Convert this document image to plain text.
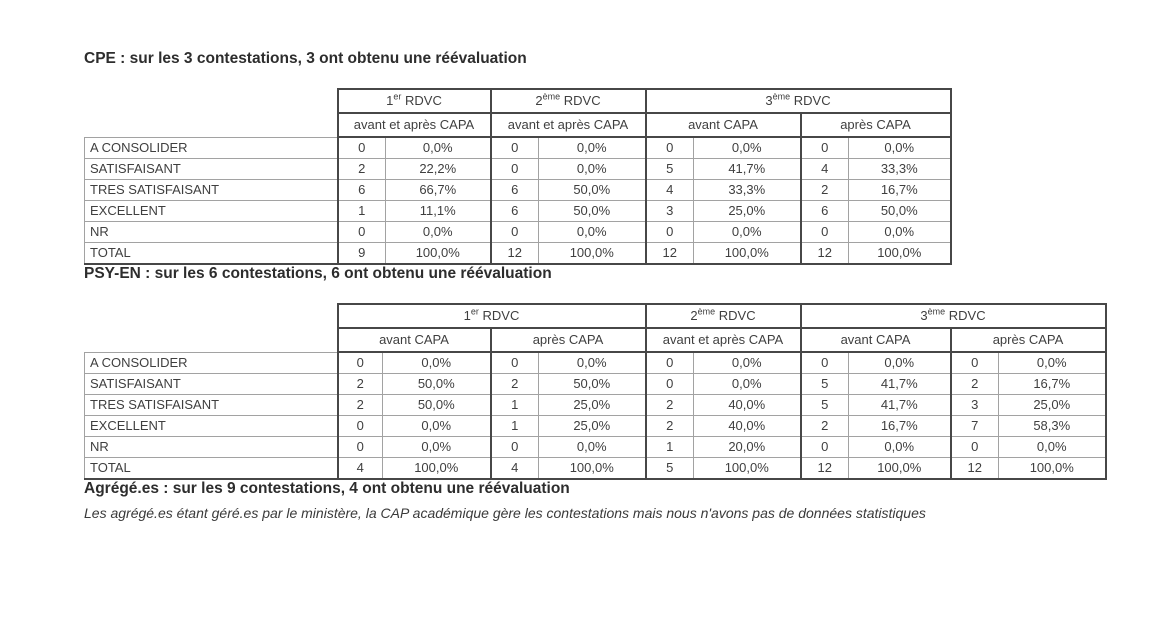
CPE : sur les 3 contestations, 3 ont obtenu une réévaluation
	1er RDVC		2ème RDVC		3ème RDVC			
	avant et après CAPA		avant et après CAPA		avant CAPA		après CAPA	
A CONSOLIDER	0	0,0%	0	0,0%	0	0,0%	0	0,0%
SATISFAISANT	2	22,2%	0	0,0%	5	41,7%	4	33,3%
TRES SATISFAISANT	6	66,7%	6	50,0%	4	33,3%	2	16,7%
EXCELLENT	1	11,1%	6	50,0%	3	25,0%	6	50,0%
NR	0	0,0%	0	0,0%	0	0,0%	0	0,0%
TOTAL	9	100,0%	12	100,0%	12	100,0%	12	100,0%
PSY-EN : sur les 6 contestations, 6 ont obtenu une réévaluation
	1er RDVC				2ème RDVC		3ème RDVC			
	avant CAPA		après CAPA		avant et après CAPA		avant CAPA		après CAPA	
A CONSOLIDER	0	0,0%	0	0,0%	0	0,0%	0	0,0%	0	0,0%
SATISFAISANT	2	50,0%	2	50,0%	0	0,0%	5	41,7%	2	16,7%
TRES SATISFAISANT	2	50,0%	1	25,0%	2	40,0%	5	41,7%	3	25,0%
EXCELLENT	0	0,0%	1	25,0%	2	40,0%	2	16,7%	7	58,3%
NR	0	0,0%	0	0,0%	1	20,0%	0	0,0%	0	0,0%
TOTAL	4	100,0%	4	100,0%	5	100,0%	12	100,0%	12	100,0%
Agrégé.es : sur les 9 contestations, 4 ont obtenu une réévaluation

Les agrégé.es étant géré.es par le ministère, la CAP académique gère les contestations mais nous n'avons pas de données statistiques
